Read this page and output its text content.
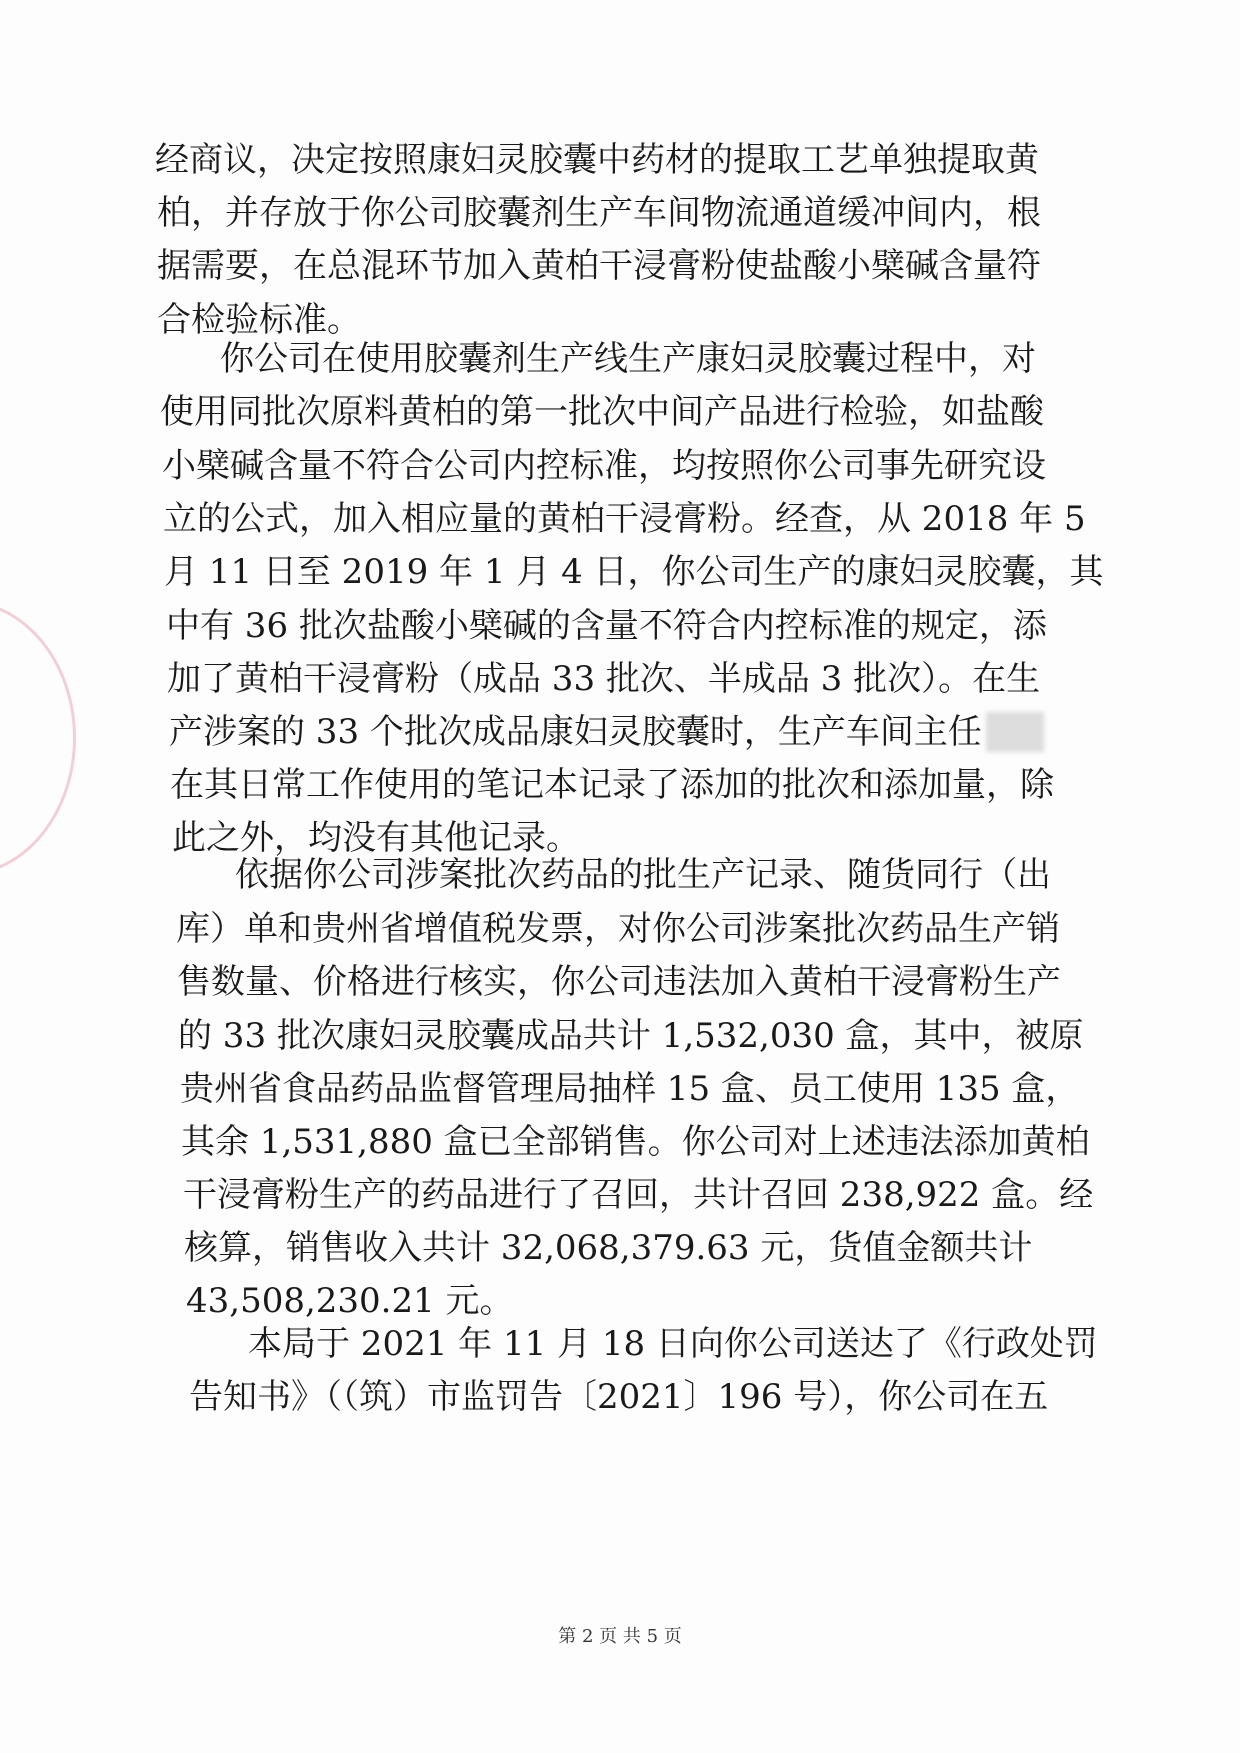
经商议，决定按照康妇灵胶囊中药材的提取工艺单独提取黄
柏，并存放于你公司胶囊剂生产车间物流通道缓冲间内，根
据需要，在总混环节加入黄柏干浸膏粉使盐酸小檗碱含量符
合检验标准。
你公司在使用胶囊剂生产线生产康妇灵胶囊过程中，对
使用同批次原料黄柏的第一批次中间产品进行检验，如盐酸
小檗碱含量不符合公司内控标准，均按照你公司事先研究设
立的公式，加入相应量的黄柏干浸膏粉。经查，从 2018 年 5
月 11 日至 2019 年 1 月 4 日，你公司生产的康妇灵胶囊，其
中有 36 批次盐酸小檗碱的含量不符合内控标准的规定，添
加了黄柏干浸膏粉（成品 33 批次、半成品 3 批次）。在生
产涉案的 33 个批次成品康妇灵胶囊时，生产车间主任
在其日常工作使用的笔记本记录了添加的批次和添加量，除
此之外，均没有其他记录。
依据你公司涉案批次药品的批生产记录、随货同行（出
库）单和贵州省增值税发票，对你公司涉案批次药品生产销
售数量、价格进行核实，你公司违法加入黄柏干浸膏粉生产
的 33 批次康妇灵胶囊成品共计 1,532,030 盒，其中，被原
贵州省食品药品监督管理局抽样 15 盒、员工使用 135 盒，
其余 1,531,880 盒已全部销售。你公司对上述违法添加黄柏
干浸膏粉生产的药品进行了召回，共计召回 238,922 盒。经
核算，销售收入共计 32,068,379.63 元，货值金额共计
43,508,230.21 元。
本局于 2021 年 11 月 18 日向你公司送达了《行政处罚
告知书》（（筑）市监罚告〔2021〕196 号），你公司在五
第 2 页 共 5 页
